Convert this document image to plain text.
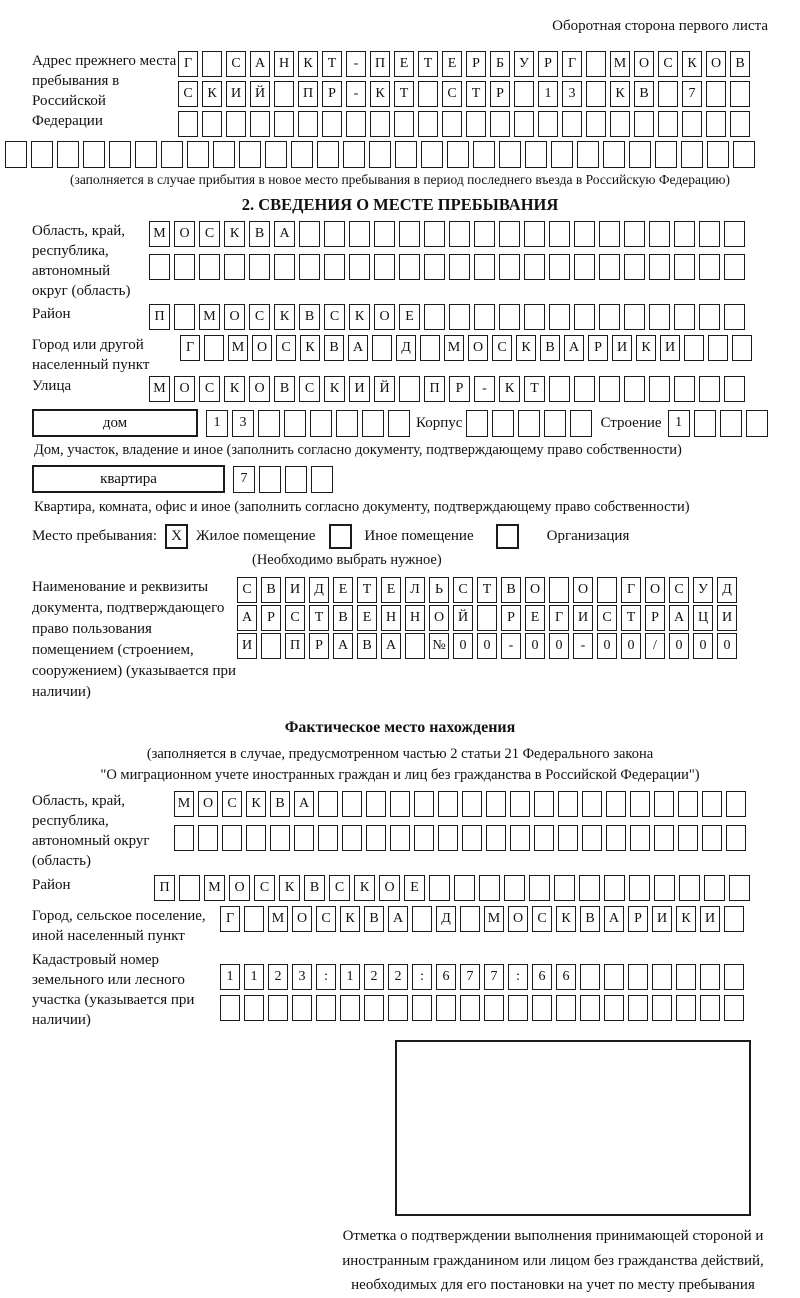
Оборотная сторона первого листа
Адрес прежнего места пребывания в Российской Федерации
Г	С	А Н	К	Т	-	П	Е	Т	Е	Р	Б	У	Р	Г	М О	С	К	О	В
С	К	И Й	П	Р	-	К	Т	С	Т	Р	1	3	К	В	7
(заполняется в случае прибытия в новое место пребывания в период последнего въезда в Российскую Федерацию)
2. СВЕДЕНИЯ О МЕСТЕ ПРЕБЫВАНИЯ
Область, край, республика, автономный округ (область)
М О	С	К	В	А
Район	П	М О	С	К	В	С	К	О	Е
Город или другой населенный пункт
Г	М О	С	К	В	А	Д	М О	С	К	В	А	Р	И	К	И
Улица	М О	С	К	О	В	С	К	И	Й	П	Р	-	К	Т
дом	1	3	Корпус	Строение 1
Дом, участок, владение и иное (заполнить согласно документу, подтверждающему право собственности)
квартира	7
Квартира, комната, офис и иное (заполнить согласно документу, подтверждающему право собственности)
Место пребывания: X Жилое помещение	Иное помещение	Организация
(Необходимо выбрать нужное)
Наименование и реквизиты документа, подтверждающего право пользования помещением (строением, сооружением) (указывается при наличии)
С	В	И	Д	Е	Т	Е	Л	Ь	С	Т	В	О	О	Г	О	С	У	Д
А	Р	С	Т	В	Е	Н Н О Й	Р	Е	Г	И	С	Т	Р	А Ц И
И	П	Р	А	В	А	№ 0	0	-	0	0	-	0	0	/	0	0	0
Фактическое место нахождения
(заполняется в случае, предусмотренном частью 2 статьи 21 Федерального закона
"О миграционном учете иностранных граждан и лиц без гражданства в Российской Федерации")
Область, край, республика, автономный округ (область)
М О	С	К	В	А
Район	П	М О	С	К	В	С	К	О	Е
Город, сельское поселение, иной населенный пункт
Г	М О	С	К	В	А	Д	М О	С	К	В	А	Р	И	К	И
Кадастровый номер земельного или лесного участка (указывается при наличии)
1	1	2	3	:	1	2	2	:	6	7	7	:	6	6
Отметка о подтверждении выполнения принимающей стороной и иностранным гражданином или лицом без гражданства действий, необходимых для его постановки на учет по месту пребывания
